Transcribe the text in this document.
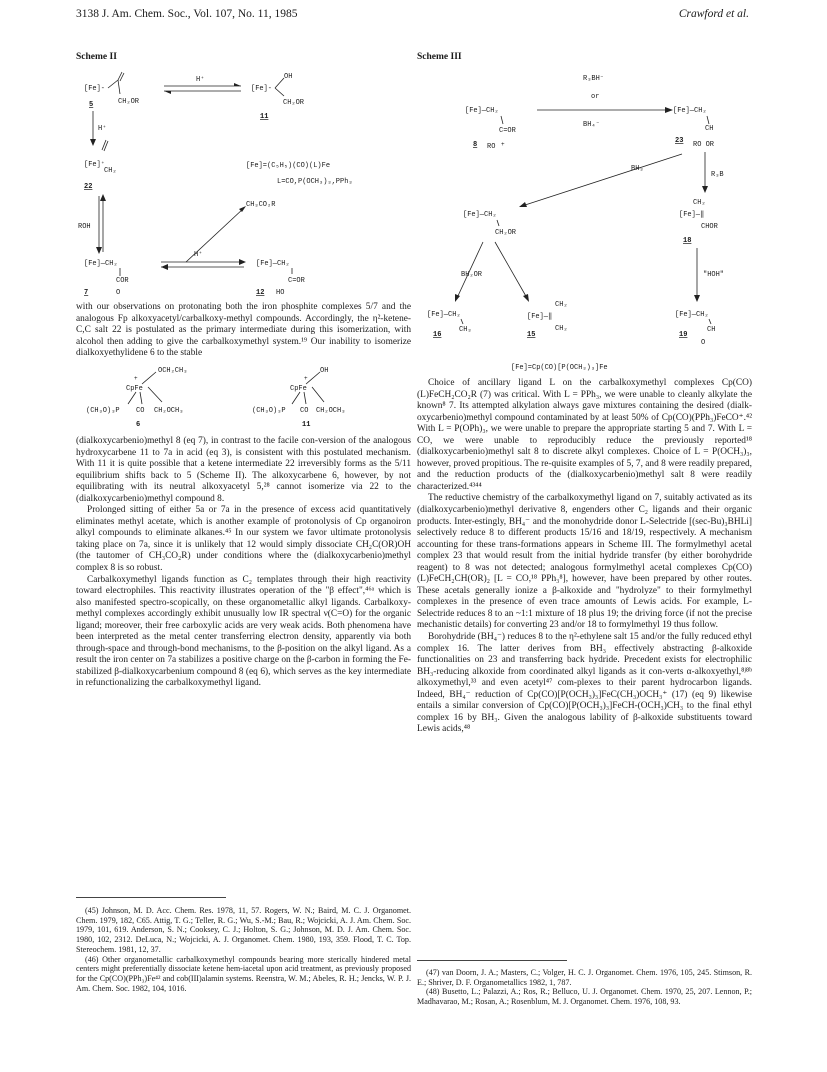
3138 J. Am. Chem. Soc., Vol. 107, No. 11, 1985	Crawford et al.
Scheme II
[Fe]-
CH₂OR
5
H⁺
[Fe]-
OH
CH₂OR
11
H⁺
[Fe]⁺
CH₂
22
[Fe]=(C₅H₅)(CO)(L)Fe
L=CO,P(OCH₃)₃,PPh₃
ROH
CH₃CO₂R
[Fe]—CH₂
COR
O
7
H⁺
[Fe]—CH₂
C=OR
HO
12

with our observations on protonating both the iron phosphite complexes 5/7 and the analogous Fp alkoxyacetyl/carbalkoxy-methyl compounds. Accordingly, the η²-ketene-C,C salt 22 is postulated as the primary intermediate during this isomerization, with alcohol then adding to give the carbalkoxymethyl system.¹⁹ Our inability to isomerize dialkoxyethylidene 6 to the stable

OCH₂CH₃
+
CpFe
(CH₃O)₃P CO CH₂OCH₃
6
OH
+
CpFe
(CH₃O)₃P CO CH₂OCH₃
11

(dialkoxycarbenio)methyl 8 (eq 7), in contrast to the facile con-version of the analogous hydroxycarbene 11 to 7a in acid (eq 3), is consistent with this postulated mechanism. With 11 it is quite possible that a ketene intermediate 22 irreversibly forms as the 5/11 equilibrium shifts back to 5 (Scheme II). The alkoxycarbene 6, however, by not equilibrating with its neutral alkoxyacetyl 5,²⁸ cannot isomerize via 22 to the (dialkoxycarbenio)methyl compound 8.

Prolonged sitting of either 5a or 7a in the presence of excess acid quantitatively eliminates methyl acetate, which is another example of protonolysis of Cp organoiron alkyl compounds to eliminate alkanes.⁴⁵ In our system we favor ultimate protonolysis taking place on 7a, since it is unlikely that 12 would simply dissociate CH₂C(OR)OH (the tautomer of CH₃CO₂R) under conditions where the (dialkoxycarbenio)methyl complex 8 is so robust.

Carbalkoxymethyl ligands function as C₂ templates through their high reactivity toward electrophiles. This reactivity illustrates operation of the "β effect",⁴⁶ᵃ which is also manifested spectro-scopically, on these organometallic alkyl ligands. Carbalkoxy-methyl complexes accordingly exhibit unusually low IR spectral ν(C=O) for the organic ligand; moreover, their free carboxylic acids are very weak acids. Both phenomena have been interpreted as the metal center transferring electron density, apparently via both through-space and through-bond mechanisms, to the β-position on the alkyl ligand. As a result the iron center on 7a stabilizes a positive charge on the β-carbon in forming the Fe-stabilized β-dialkoxycarbenium compound 8 (eq 6), which serves as the key intermediate in refunctionalizing the carbalkoxymethyl ligand.

(45) Johnson, M. D. Acc. Chem. Res. 1978, 11, 57. Rogers, W. N.; Baird, M. C. J. Organomet. Chem. 1979, 182, C65. Attig, T. G.; Teller, R. G.; Wu, S.-M.; Bau, R.; Wojcicki, A. J. Am. Chem. Soc. 1979, 101, 619. Anderson, S. N.; Cooksey, C. J.; Holton, S. G.; Johnson, M. D. J. Am. Chem. Soc. 1980, 102, 2312. DeLuca, N.; Wojcicki, A. J. Organomet. Chem. 1980, 193, 359. Flood, T. C. Top. Stereochem. 1981, 12, 37.

(46) Other organometallic carbalkoxymethyl compounds bearing more sterically hindered metal centers might preferentially dissociate ketene hem-iacetal upon acid treatment, as previously proposed for the Cp(CO)(PPh₃)Fe⁴² and cob(III)alamin systems. Reenstra, W. M.; Abeles, R. H.; Jencks, W. P. J. Am. Chem. Soc. 1982, 104, 1016.

Scheme III
R₃BH⁻
or
BH₄⁻
[Fe]—CH₂
C=OR
RO +
8
[Fe]—CH₂
CH
RO OR
23
BH₃
R₃B
[Fe]—CH₂
CH₂OR
CH₂
[Fe]—‖
CHOR
18
BH₂OR	"HOH"
[Fe]—CH₂
CH₃
16
CH₂
[Fe]—‖
CH₂
15
[Fe]—CH₂
CH
O
19
[Fe]=Cp(CO)[P(OCH₃)₃]Fe

Choice of ancillary ligand L on the carbalkoxymethyl complexes Cp(CO)(L)FeCH₂CO₂R (7) was critical. With L = PPh₃, we were unable to cleanly alkylate the known⁸ 7. Its attempted alkylation always gave mixtures containing the desired (dialk-oxycarbenio)methyl compound contaminated by at least 50% of Cp(CO)(PPh₃)FeCO⁺.⁴² With L = P(OPh)₃, we were unable to prepare the appropriate starting 5 and 7. With L = CO, we were unable to reproducibly reduce the previously reported¹⁸ (dialkoxycarbenio)methyl salt 8 to discrete alkyl complexes. Choice of L = P(OCH₃)₃, however, proved propitious. The re-quisite examples of 5, 7, and 8 were readily prepared, and the reduction products of the (dialkoxycarbenio)methyl salt 8 were readily characterized.⁴³⁴⁴

The reductive chemistry of the carbalkoxymethyl ligand on 7, suitably activated as its (dialkoxycarbenio)methyl derivative 8, engenders other C₂ ligands and their organic products. Inter-estingly, BH₄⁻ and the monohydride donor L-Selectride [(sec-Bu)₃BHLi] selectively reduce 8 to different products 15/16 and 18/19, respectively. A mechanism accounting for these trans-formations appears in Scheme III. The formylmethyl acetal complex 23 that would result from the initial hydride transfer (by either borohydride reagent) to 8 was not detected; analogous formylmethyl acetal complexes Cp(CO)(L)FeCH₂CH(OR)₂ [L = CO,¹⁸ PPh₃⁸], however, have been prepared by other routes. These acetals generally ionize a β-alkoxide and "hydrolyze" to their formylmethyl complexes in the presence of even trace amounts of Lewis acids. For example, L-Selectride reduces 8 to an ~1:1 mixture of 18 plus 19; the driving force (if not the precise mechanistic details) for converting 23 and/or 18 to formylmethyl 19 thus follow.

Borohydride (BH₄⁻) reduces 8 to the η²-ethylene salt 15 and/or the fully reduced ethyl complex 16. The latter derives from BH₃ effectively abstracting β-alkoxide functionalities on 23 and transferring back hydride. Precedent exists for electrophilic BH₃-reducing alkoxide from coordinated alkyl ligands as it con-verts α-alkoxyethyl,⁸ʲ⁸ᵇ alkoxymethyl,³³ and even acetyl⁴⁷ com-plexes to their parent hydrocarbon ligands. Indeed, BH₄⁻ reduction of Cp(CO)[P(OCH₃)₃]FeC(CH₃)OCH₃⁺ (17) (eq 9) likewise entails a similar conversion of Cp(CO)[P(OCH₃)₃]FeCH-(OCH₃)CH₃ to the final ethyl complex 16 by BH₃. Given the analogous lability of β-alkoxide substituents toward Lewis acids,⁴⁸

(47) van Doorn, J. A.; Masters, C.; Volger, H. C. J. Organomet. Chem. 1976, 105, 245. Stimson, R. E.; Shriver, D. F. Organometallics 1982, 1, 787.

(48) Busetto, L.; Palazzi, A.; Ros, R.; Belluco, U. J. Organomet. Chem. 1970, 25, 207. Lennon, P.; Madhavarao, M.; Rosan, A.; Rosenblum, M. J. Organomet. Chem. 1976, 108, 93.
